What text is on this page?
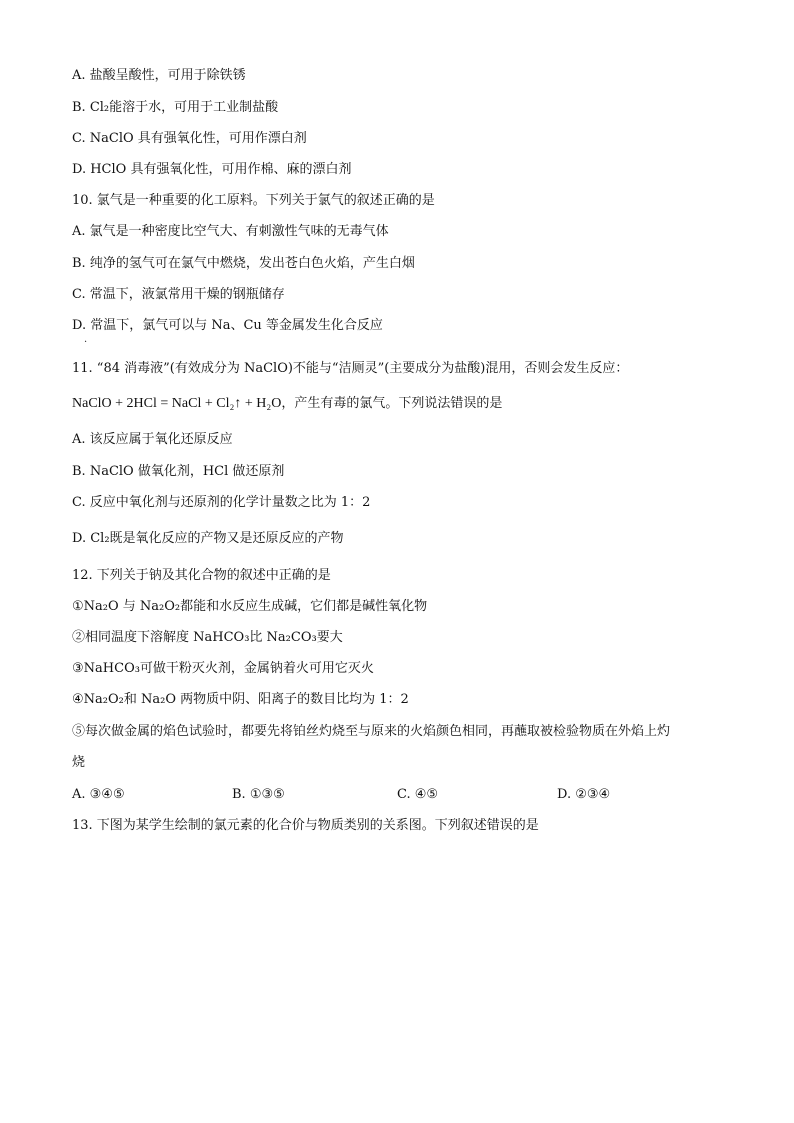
A. 盐酸呈酸性，可用于除铁锈
B. Cl₂能溶于水，可用于工业制盐酸
C. NaClO 具有强氧化性，可用作漂白剂
D. HClO 具有强氧化性，可用作棉、麻的漂白剂
10. 氯气是一种重要的化工原料。下列关于氯气的叙述正确的是
A. 氯气是一种密度比空气大、有刺激性气味的无毒气体
B. 纯净的氢气可在氯气中燃烧，发出苍白色火焰，产生白烟
C. 常温下，液氯常用干燥的钢瓶储存
D. 常温下，氯气可以与 Na、Cu 等金属发生化合反应
·
11. “84 消毒液”(有效成分为 NaClO)不能与“洁厕灵”(主要成分为盐酸)混用，否则会发生反应：
NaClO + 2HCl = NaCl + Cl₂↑ + H₂O，产生有毒的氯气。下列说法错误的是
A. 该反应属于氧化还原反应
B. NaClO 做氧化剂，HCl 做还原剂
C. 反应中氧化剂与还原剂的化学计量数之比为 1：2
D. Cl₂既是氧化反应的产物又是还原反应的产物
12. 下列关于钠及其化合物的叙述中正确的是
①Na₂O 与 Na₂O₂都能和水反应生成碱，它们都是碱性氧化物
②相同温度下溶解度 NaHCO₃比 Na₂CO₃要大
③NaHCO₃可做干粉灭火剂，金属钠着火可用它灭火
④Na₂O₂和 Na₂O 两物质中阴、阳离子的数目比均为 1：2
⑤每次做金属的焰色试验时，都要先将铂丝灼烧至与原来的火焰颜色相同，再蘸取被检验物质在外焰上灼
烧
A. ③④⑤	B. ①③⑤	C. ④⑤	D. ②③④
13. 下图为某学生绘制的氯元素的化合价与物质类别的关系图。下列叙述错误的是
